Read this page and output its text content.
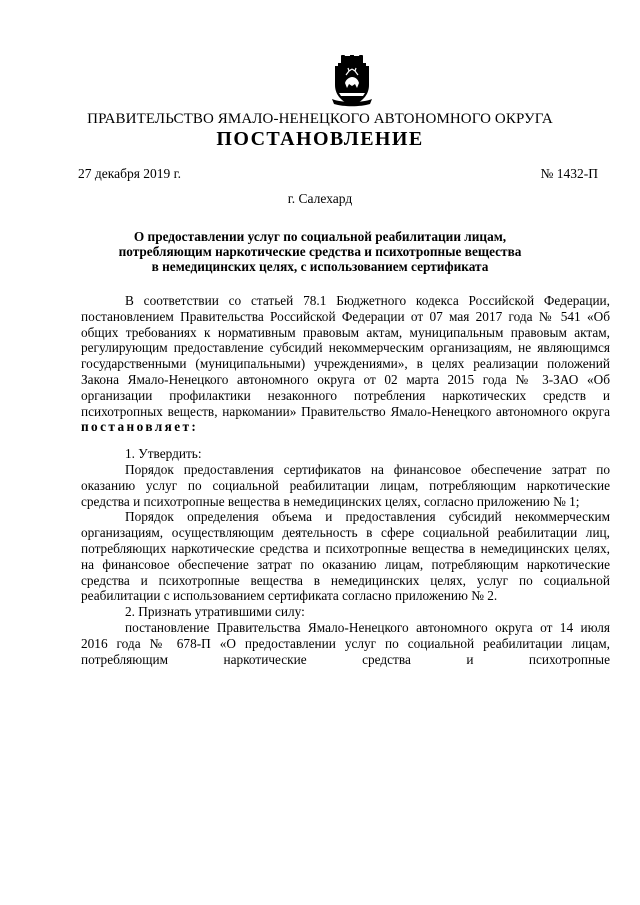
ПРАВИТЕЛЬСТВО ЯМАЛО-НЕНЕЦКОГО АВТОНОМНОГО ОКРУГА
ПОСТАНОВЛЕНИЕ
27 декабря 2019 г.	№ 1432-П
г. Салехард
О предоставлении услуг по социальной реабилитации лицам,
потребляющим наркотические средства и психотропные вещества
в немедицинских целях, с использованием сертификата

В соответствии со статьей 78.1 Бюджетного кодекса Российской Федерации, постановлением Правительства Российской Федерации от 07 мая 2017 года № 541 «Об общих требованиях к нормативным правовым актам, муниципальным правовым актам, регулирующим предоставление субсидий некоммерческим организациям, не являющимся государственными (муниципальными) учреждениями», в целях реализации положений Закона Ямало-Ненецкого автономного округа от 02 марта 2015 года № 3-ЗАО «Об организации профилактики незаконного потребления наркотических средств и психотропных веществ, наркомании» Правительство Ямало-Ненецкого автономного округа постановляет:

1. Утвердить:

Порядок предоставления сертификатов на финансовое обеспечение затрат по оказанию услуг по социальной реабилитации лицам, потребляющим наркотические средства и психотропные вещества в немедицинских целях, согласно приложению № 1;

Порядок определения объема и предоставления субсидий некоммерческим организациям, осуществляющим деятельность в сфере социальной реабилитации лиц, потребляющих наркотические средства и психотропные вещества в немедицинских целях, на финансовое обеспечение затрат по оказанию лицам, потребляющим наркотические средства и психотропные вещества в немедицинских целях, услуг по социальной реабилитации с использованием сертификата согласно приложению № 2.

2. Признать утратившими силу:

постановление Правительства Ямало-Ненецкого автономного округа от 14 июля 2016 года № 678-П «О предоставлении услуг по социальной реабилитации лицам, потребляющим наркотические средства и психотропные
